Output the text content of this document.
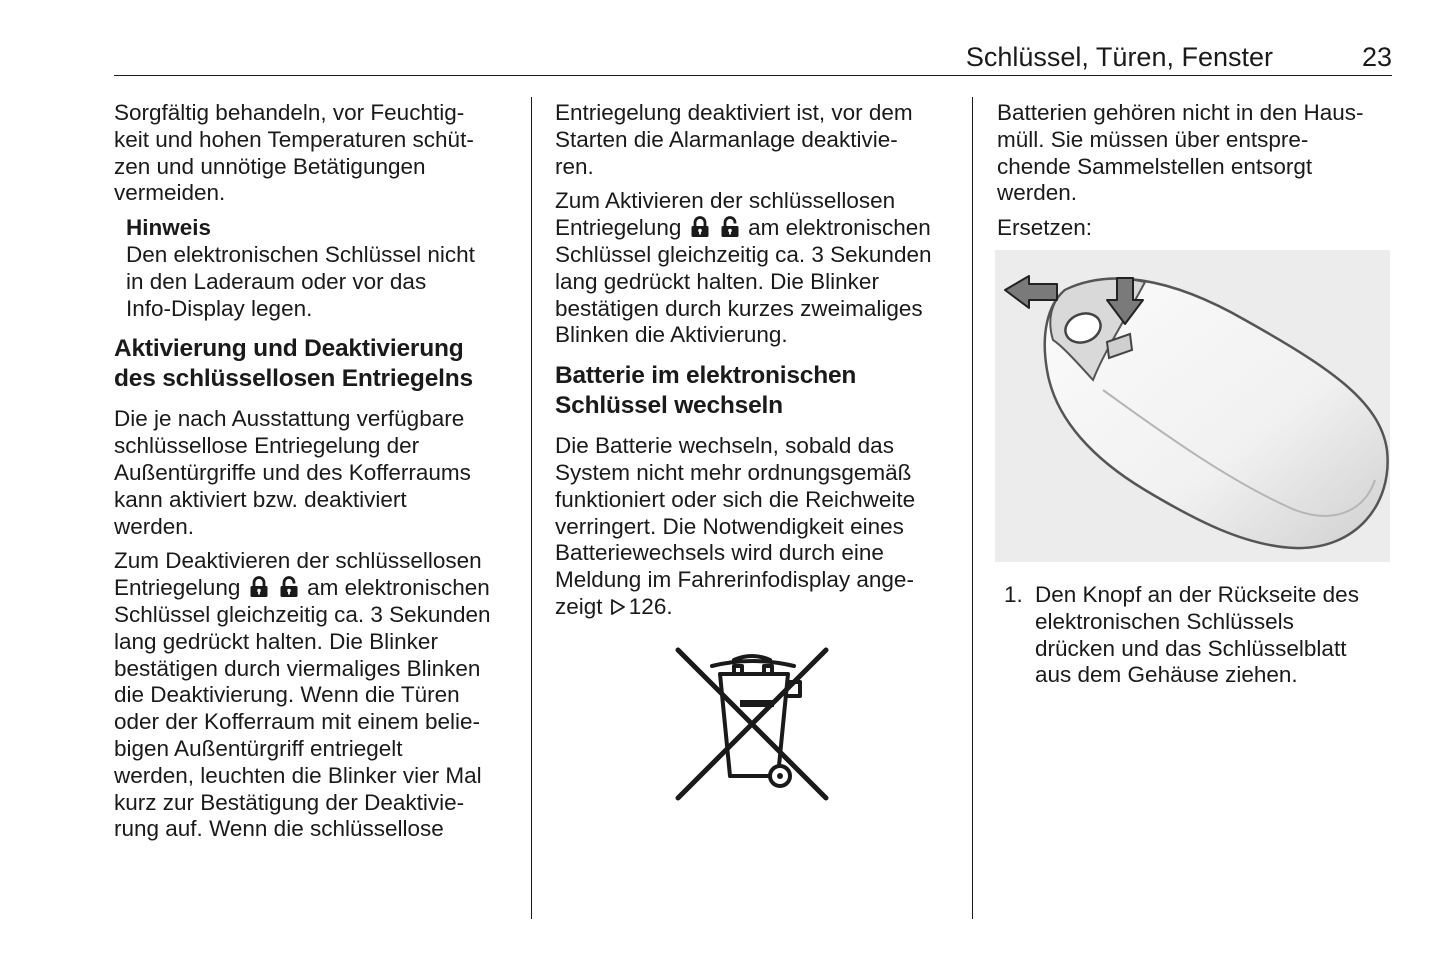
Schlüssel, Türen, Fenster	23

Sorgfältig behandeln, vor Feuchtig-
keit und hohen Temperaturen schüt-
zen und unnötige Betätigungen
vermeiden.

Hinweis
Den elektronischen Schlüssel nicht
in den Laderaum oder vor das
Info-Display legen.
Aktivierung und Deaktivierung
des schlüssellosen Entriegelns

Die je nach Ausstattung verfügbare
schlüssellose Entriegelung der
Außentürgriffe und des Kofferraums
kann aktiviert bzw. deaktiviert
werden.

Zum Deaktivieren der schlüssellosen
Entriegelung	am elektronischen
Schlüssel gleichzeitig ca. 3 Sekunden
lang gedrückt halten. Die Blinker
bestätigen durch viermaliges Blinken
die Deaktivierung. Wenn die Türen
oder der Kofferraum mit einem belie-
bigen Außentürgriff entriegelt
werden, leuchten die Blinker vier Mal
kurz zur Bestätigung der Deaktivie-
rung auf. Wenn die schlüssellose

Entriegelung deaktiviert ist, vor dem
Starten die Alarmanlage deaktivie-
ren.

Zum Aktivieren der schlüssellosen
Entriegelung	am elektronischen
Schlüssel gleichzeitig ca. 3 Sekunden
lang gedrückt halten. Die Blinker
bestätigen durch kurzes zweimaliges
Blinken die Aktivierung.

Batterie im elektronischen
Schlüssel wechseln

Die Batterie wechseln, sobald das
System nicht mehr ordnungsgemäß
funktioniert oder sich die Reichweite
verringert. Die Notwendigkeit eines
Batteriewechsels wird durch eine
Meldung im Fahrerinfodisplay ange-
zeigt 126.

Batterien gehören nicht in den Haus-
müll. Sie müssen über entspre-
chende Sammelstellen entsorgt
werden.

Ersetzen:

1. Den Knopf an der Rückseite des
elektronischen Schlüssels
drücken und das Schlüsselblatt
aus dem Gehäuse ziehen.
